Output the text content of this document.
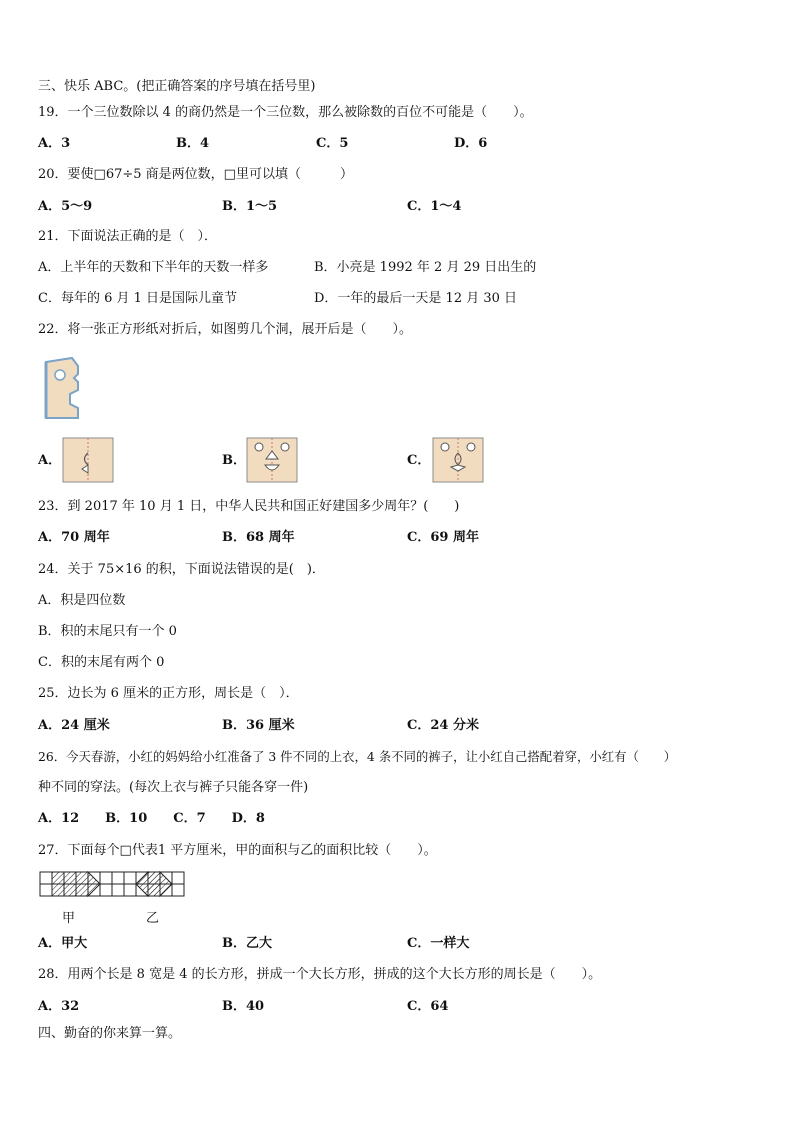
三、快乐 ABC。(把正确答案的序号填在括号里)
19．一个三位数除以 4 的商仍然是一个三位数，那么被除数的百位不可能是（　　）。
A．3	B．4	C．5	D．6
20．要使□67÷5 商是两位数，□里可以填（　　　）
A．5～9	B．1～5	C．1～4
21．下面说法正确的是（　）．
A．上半年的天数和下半年的天数一样多	B．小亮是 1992 年 2 月 29 日出生的
C．每年的 6 月 1 日是国际儿童节	D．一年的最后一天是 12 月 30 日
22．将一张正方形纸对折后，如图剪几个洞，展开后是（　　）。
A．	B．	C．
23．到 2017 年 10 月 1 日，中华人民共和国正好建国多少周年？(　　)
A．70 周年	B．68 周年	C．69 周年
24．关于 75×16 的积，下面说法错误的是(　)．
A．积是四位数
B．积的末尾只有一个 0
C．积的末尾有两个 0
25．边长为 6 厘米的正方形，周长是（　）．
A．24 厘米	B．36 厘米	C．24 分米
26．今天春游，小红的妈妈给小红准备了 3 件不同的上衣，4 条不同的裤子，让小红自己搭配着穿，小红有（　　）
种不同的穿法。(每次上衣与裤子只能各穿一件)
A．12　　B．10　　C．7　　D．8
27．下面每个□代表1 平方厘米，甲的面积与乙的面积比较（　　）。
甲	乙
A．甲大	B．乙大	C．一样大
28．用两个长是 8 宽是 4 的长方形，拼成一个大长方形，拼成的这个大长方形的周长是（　　）。
A．32	B．40	C．64
四、勤奋的你来算一算。
